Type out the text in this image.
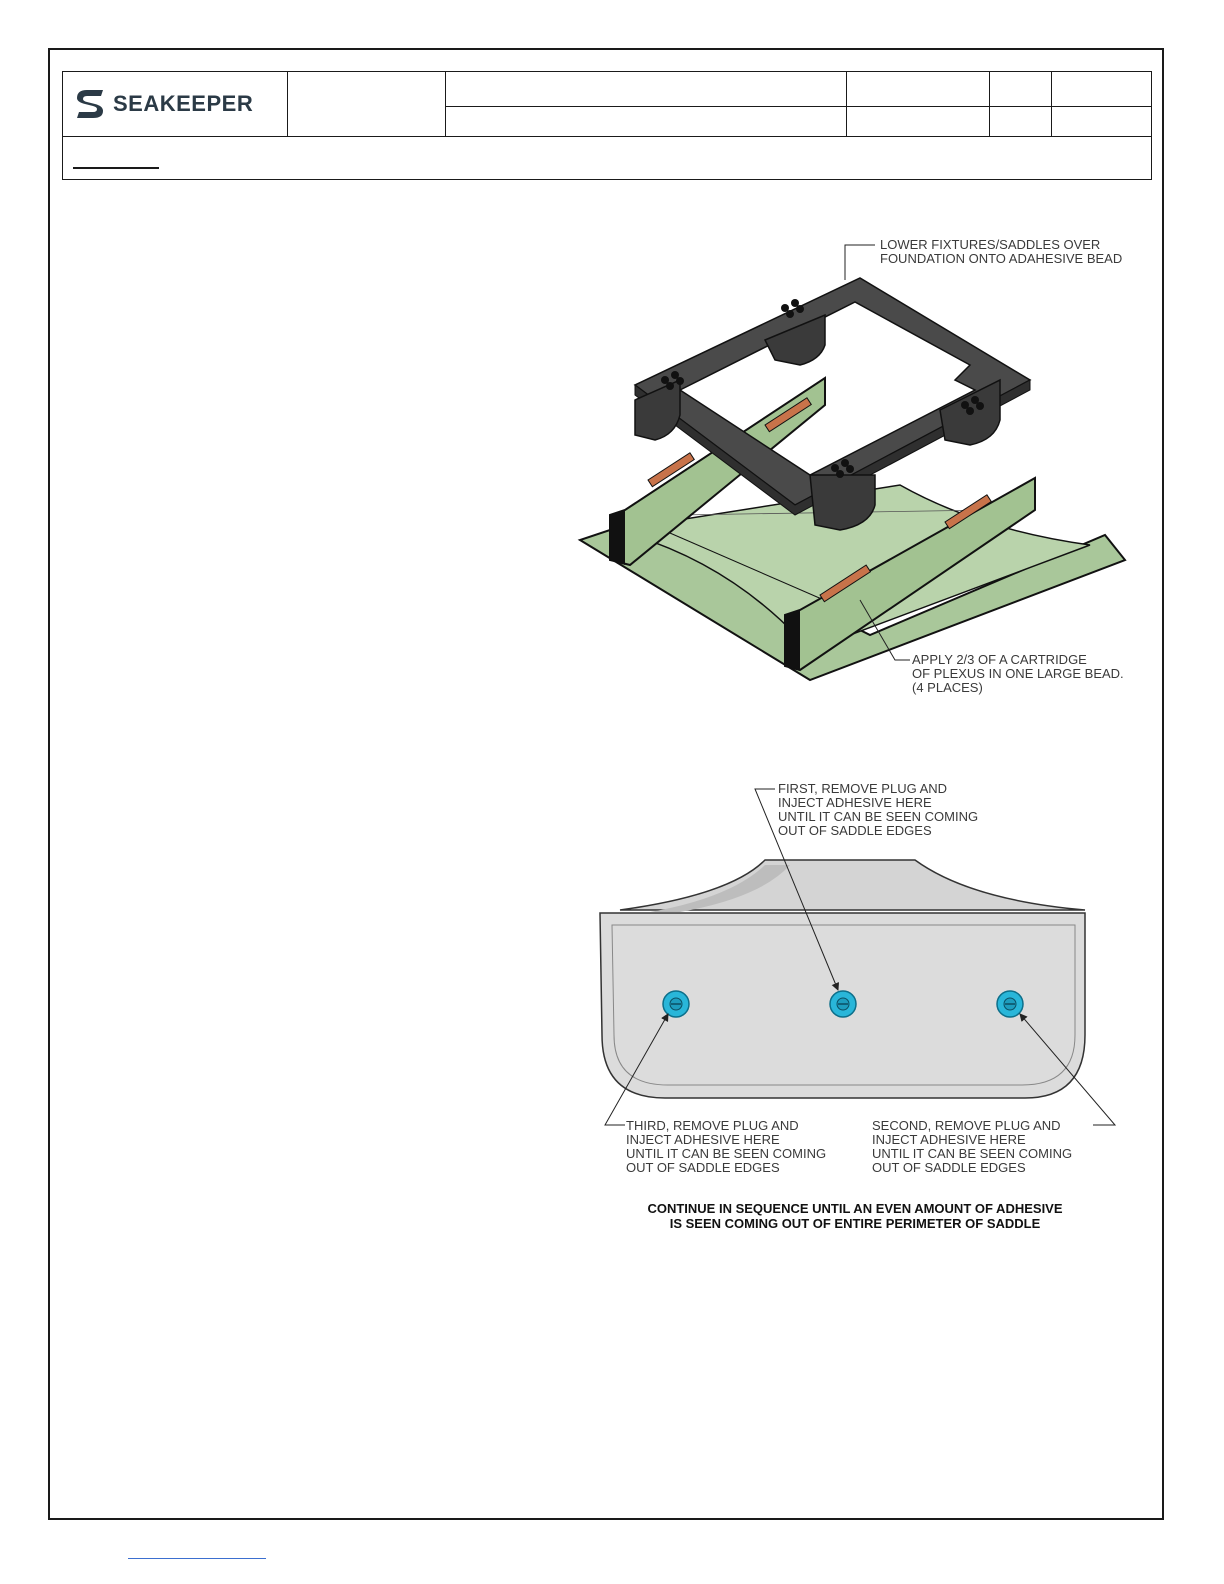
SEAKEEPER					

LOWER FIXTURES/SADDLES OVER
FOUNDATION ONTO ADAHESIVE BEAD

APPLY 2/3 OF A CARTRIDGE
OF PLEXUS IN ONE LARGE BEAD.
(4 PLACES)

FIRST, REMOVE PLUG AND
INJECT ADHESIVE HERE
UNTIL IT CAN BE SEEN COMING
OUT OF SADDLE EDGES

THIRD, REMOVE PLUG AND
INJECT ADHESIVE HERE
UNTIL IT CAN BE SEEN COMING
OUT OF SADDLE EDGES

SECOND, REMOVE PLUG AND
INJECT ADHESIVE HERE
UNTIL IT CAN BE SEEN COMING
OUT OF SADDLE EDGES

CONTINUE IN SEQUENCE UNTIL AN EVEN AMOUNT OF ADHESIVE
IS SEEN COMING OUT OF ENTIRE PERIMETER OF SADDLE
